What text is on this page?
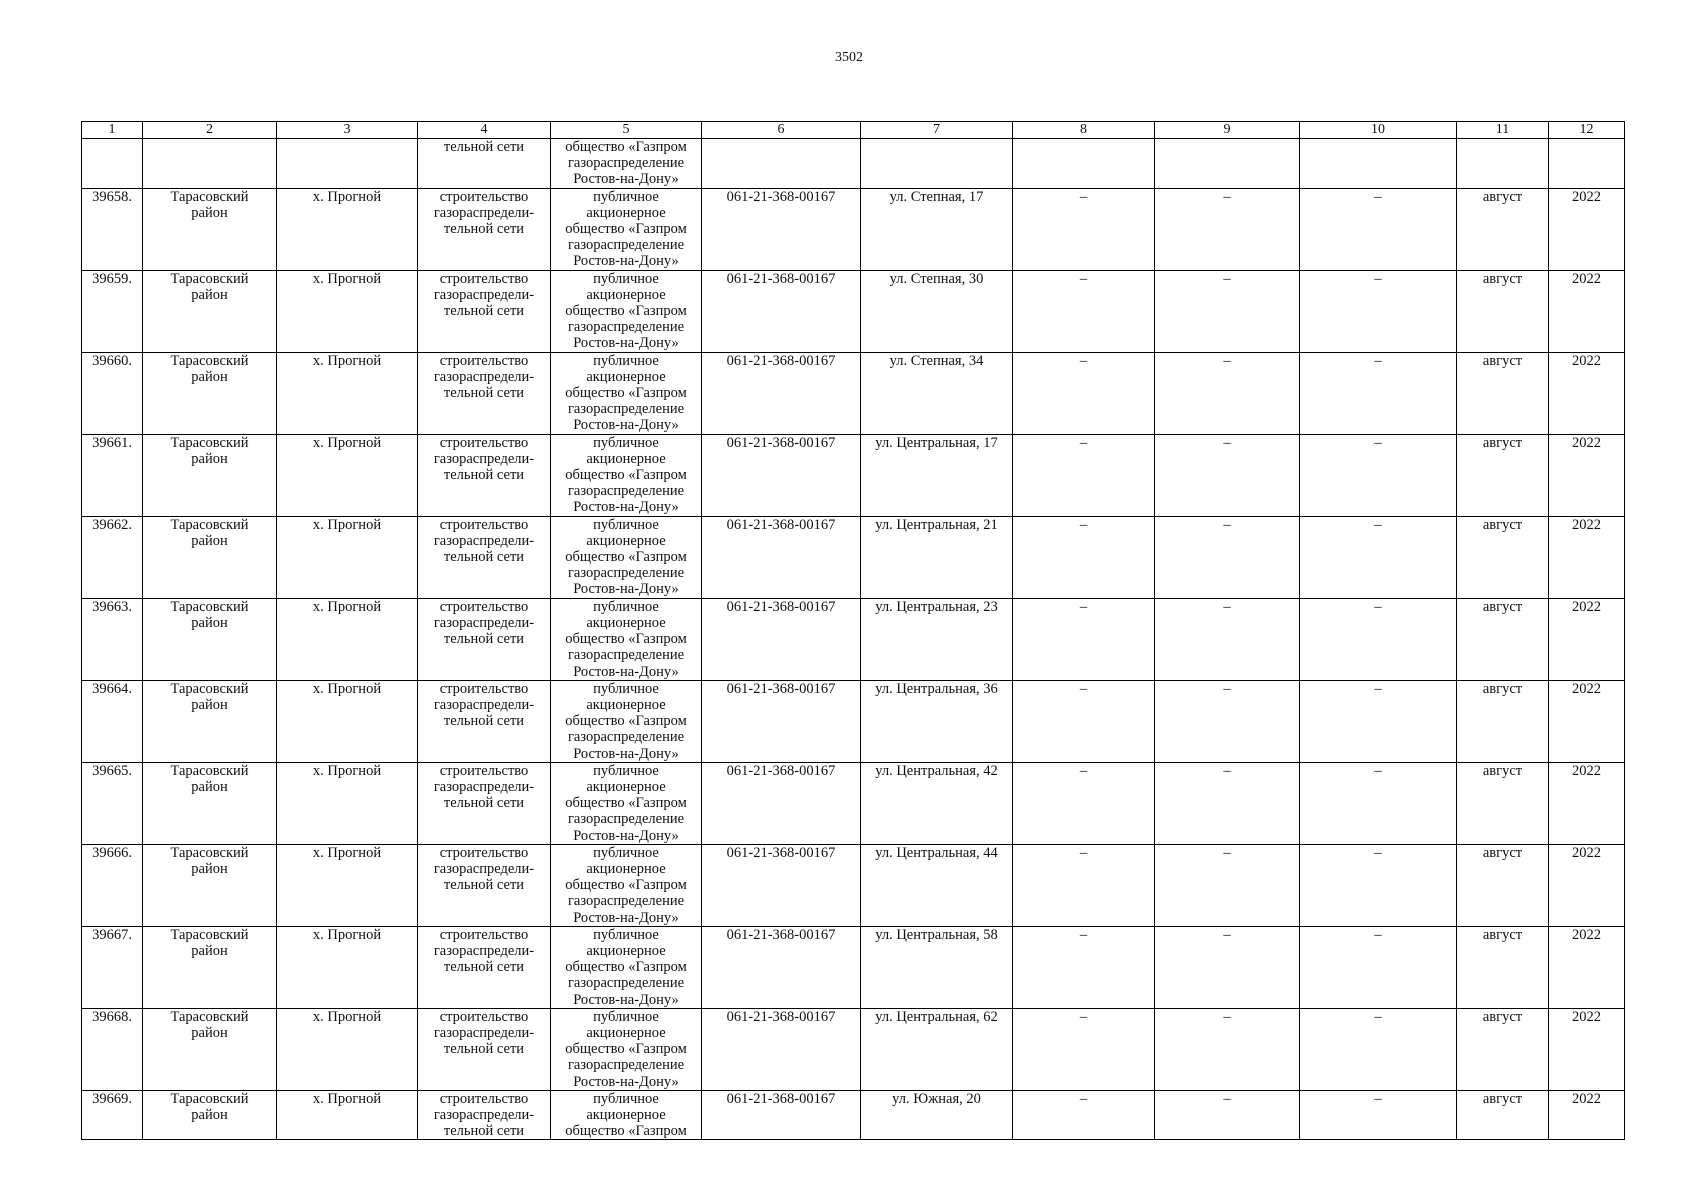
3502
1	2	3	4	5	6	7	8	9	10	11	12
			тельной сети	общество «Газпром
газораспределение
Ростов-на-Дону»							
39658.	Тарасовский
район	х. Прогной	строительство
газораспредели-
тельной сети	публичное
акционерное
общество «Газпром
газораспределение
Ростов-на-Дону»	061-21-368-00167	ул. Степная, 17	–	–	–	август	2022
39659.	Тарасовский
район	х. Прогной	строительство
газораспредели-
тельной сети	публичное
акционерное
общество «Газпром
газораспределение
Ростов-на-Дону»	061-21-368-00167	ул. Степная, 30	–	–	–	август	2022
39660.	Тарасовский
район	х. Прогной	строительство
газораспредели-
тельной сети	публичное
акционерное
общество «Газпром
газораспределение
Ростов-на-Дону»	061-21-368-00167	ул. Степная, 34	–	–	–	август	2022
39661.	Тарасовский
район	х. Прогной	строительство
газораспредели-
тельной сети	публичное
акционерное
общество «Газпром
газораспределение
Ростов-на-Дону»	061-21-368-00167	ул. Центральная, 17	–	–	–	август	2022
39662.	Тарасовский
район	х. Прогной	строительство
газораспредели-
тельной сети	публичное
акционерное
общество «Газпром
газораспределение
Ростов-на-Дону»	061-21-368-00167	ул. Центральная, 21	–	–	–	август	2022
39663.	Тарасовский
район	х. Прогной	строительство
газораспредели-
тельной сети	публичное
акционерное
общество «Газпром
газораспределение
Ростов-на-Дону»	061-21-368-00167	ул. Центральная, 23	–	–	–	август	2022
39664.	Тарасовский
район	х. Прогной	строительство
газораспредели-
тельной сети	публичное
акционерное
общество «Газпром
газораспределение
Ростов-на-Дону»	061-21-368-00167	ул. Центральная, 36	–	–	–	август	2022
39665.	Тарасовский
район	х. Прогной	строительство
газораспредели-
тельной сети	публичное
акционерное
общество «Газпром
газораспределение
Ростов-на-Дону»	061-21-368-00167	ул. Центральная, 42	–	–	–	август	2022
39666.	Тарасовский
район	х. Прогной	строительство
газораспредели-
тельной сети	публичное
акционерное
общество «Газпром
газораспределение
Ростов-на-Дону»	061-21-368-00167	ул. Центральная, 44	–	–	–	август	2022
39667.	Тарасовский
район	х. Прогной	строительство
газораспредели-
тельной сети	публичное
акционерное
общество «Газпром
газораспределение
Ростов-на-Дону»	061-21-368-00167	ул. Центральная, 58	–	–	–	август	2022
39668.	Тарасовский
район	х. Прогной	строительство
газораспредели-
тельной сети	публичное
акционерное
общество «Газпром
газораспределение
Ростов-на-Дону»	061-21-368-00167	ул. Центральная, 62	–	–	–	август	2022
39669.	Тарасовский
район	х. Прогной	строительство
газораспредели-
тельной сети	публичное
акционерное
общество «Газпром	061-21-368-00167	ул. Южная, 20	–	–	–	август	2022
